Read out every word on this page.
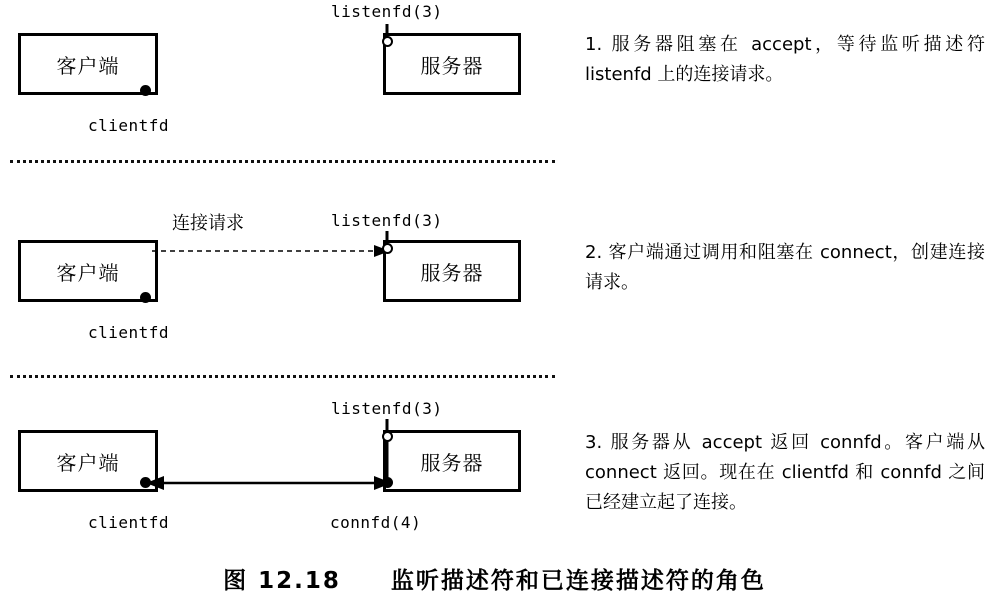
listenfd(3)
客户端	服务器
clientfd
连接请求	listenfd(3)
客户端	服务器
clientfd
listenfd(3)
客户端	服务器
clientfd	connfd(4)
1. 服务器阻塞在 accept，等待监听描述符 listenfd 上的连接请求。
2. 客户端通过调用和阻塞在 connect，创建连接请求。
3. 服务器从 accept 返回 connfd。客户端从 connect 返回。现在在 clientfd 和 connfd 之间已经建立起了连接。
图 12.18 监听描述符和已连接描述符的角色
